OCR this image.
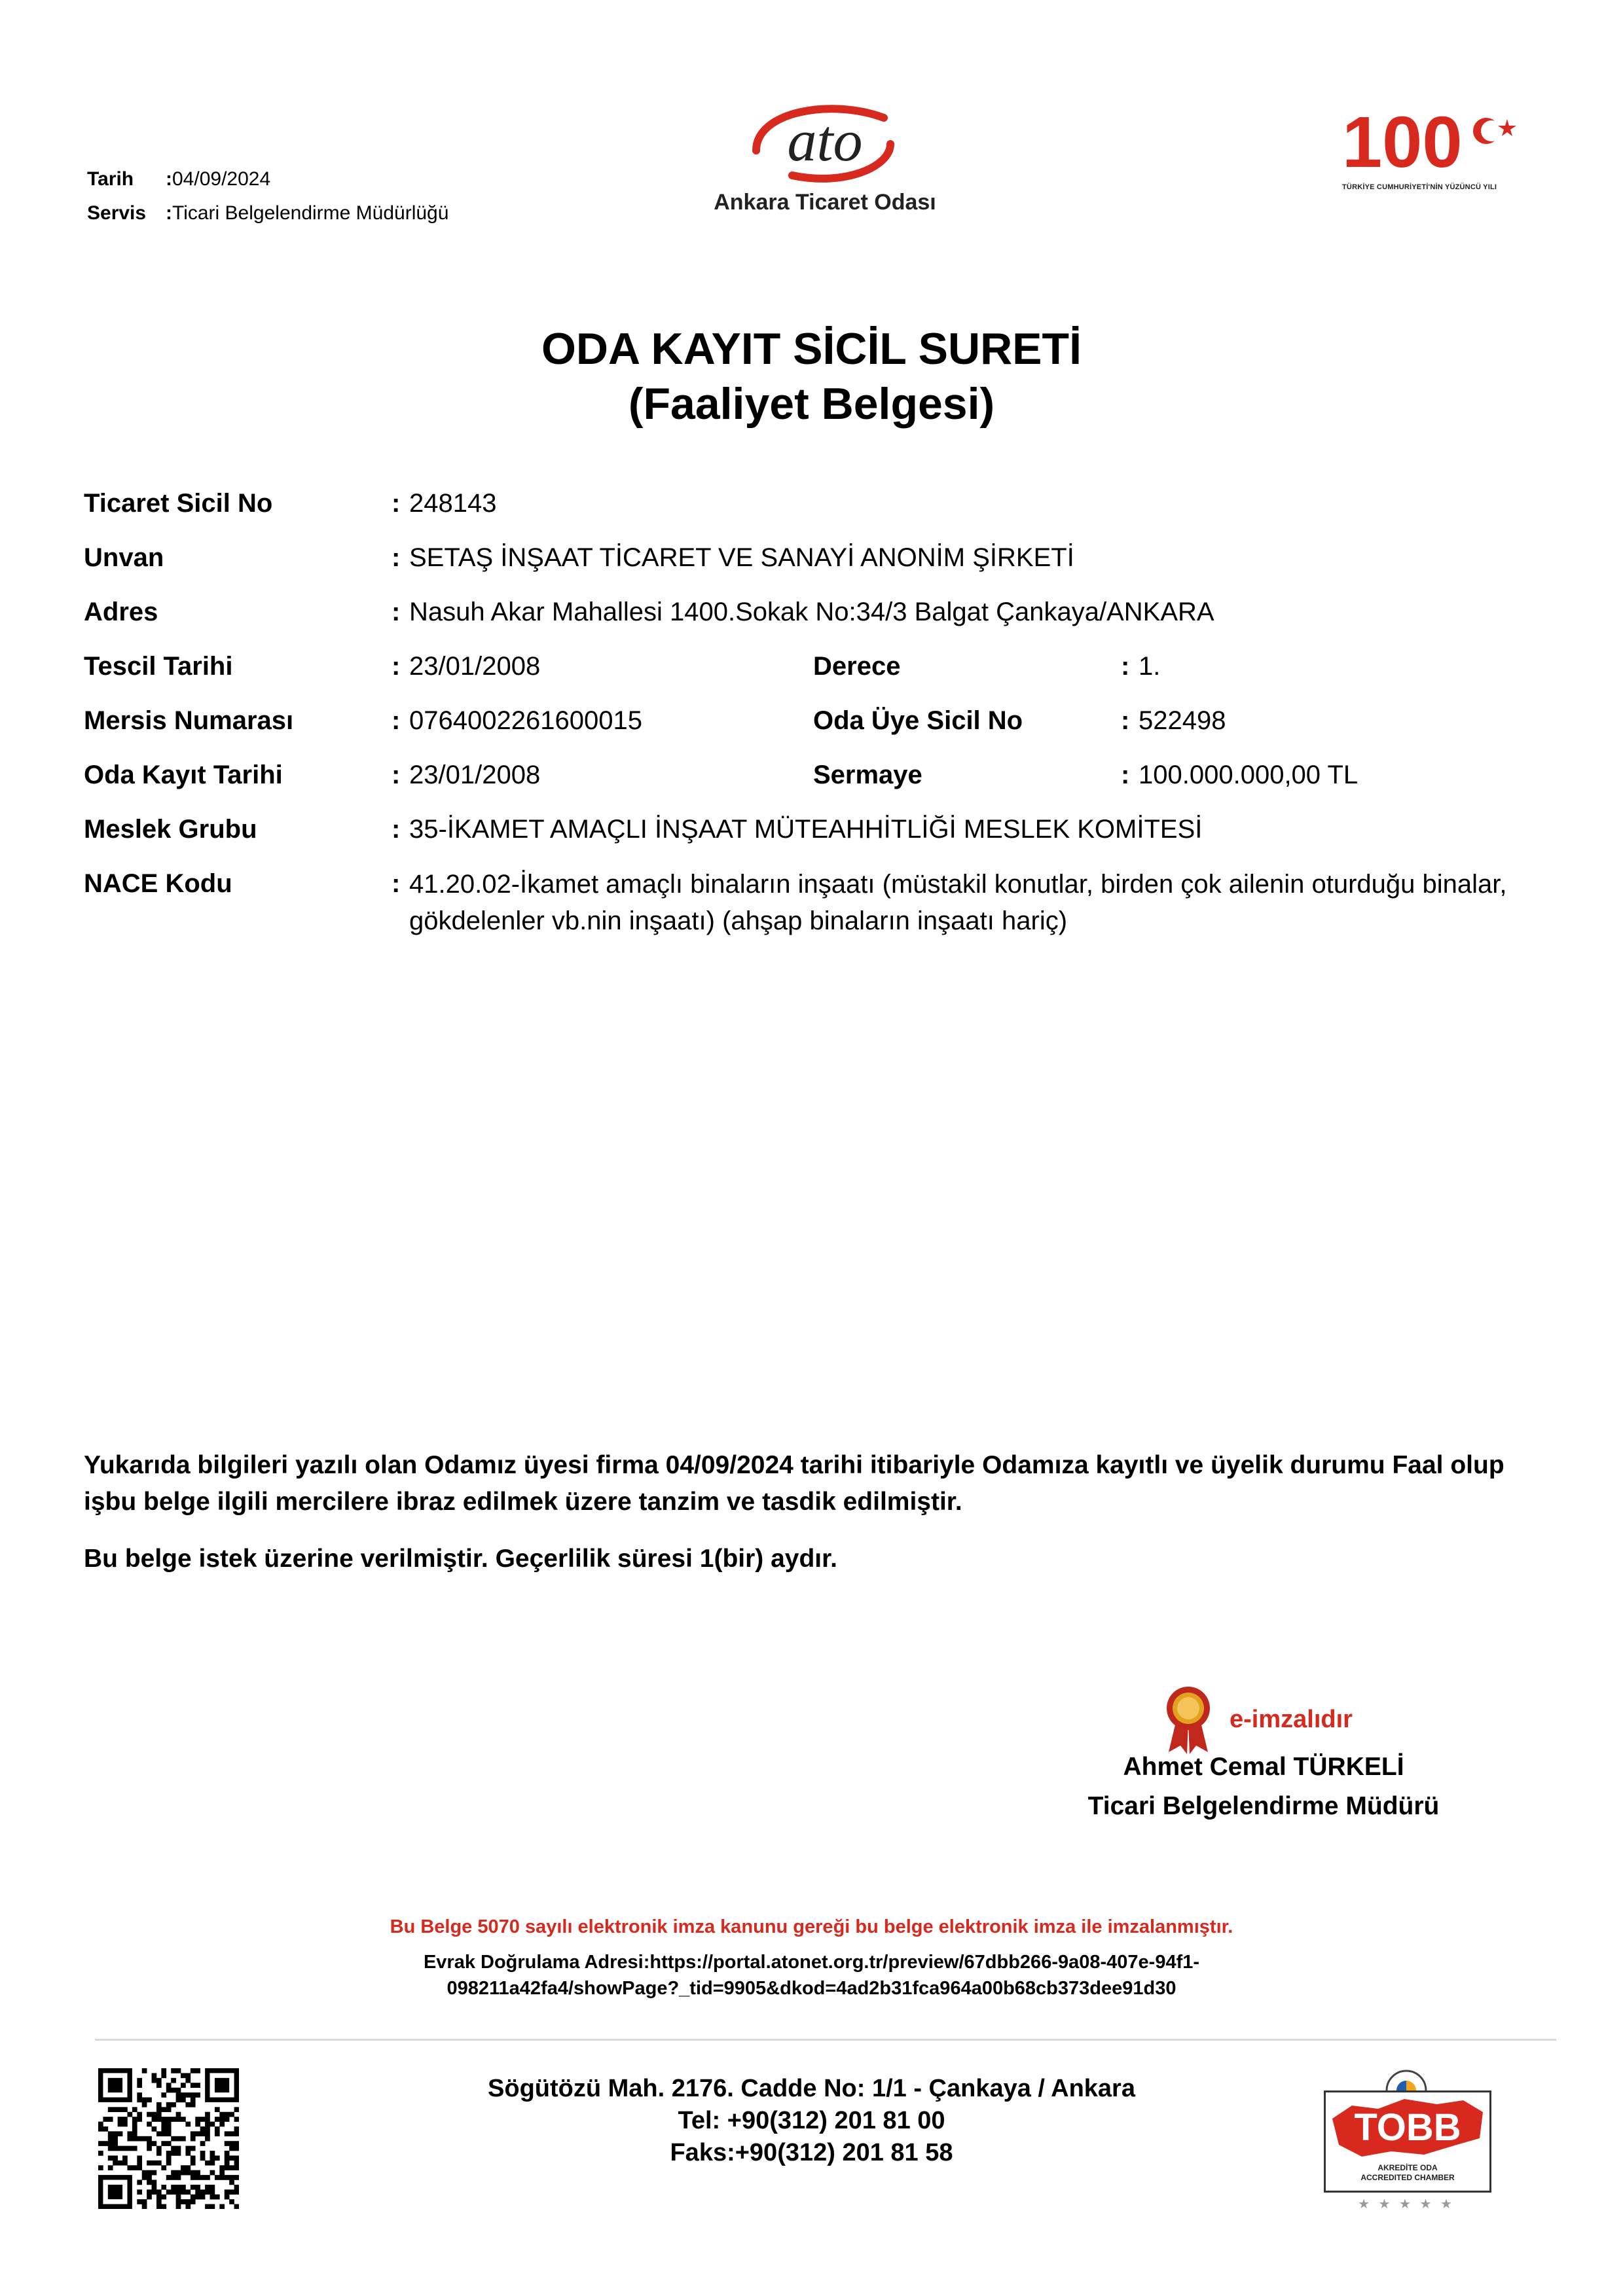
Tarih :04/09/2024
Servis :Ticari Belgelendirme Müdürlüğü
ato
Ankara Ticaret Odası
100
TÜRKİYE CUMHURİYETİ'NİN YÜZÜNCÜ YILI
ODA KAYIT SİCİL SURETİ
(Faaliyet Belgesi)
Ticaret Sicil No	: 248143
Unvan	: SETAŞ İNŞAAT TİCARET VE SANAYİ ANONİM ŞİRKETİ
Adres	: Nasuh Akar Mahallesi 1400.Sokak No:34/3 Balgat Çankaya/ANKARA
Tescil Tarihi	: 23/01/2008	Derece	: 1.
Mersis Numarası	: 0764002261600015	Oda Üye Sicil No	: 522498
Oda Kayıt Tarihi	: 23/01/2008	Sermaye	: 100.000.000,00 TL
Meslek Grubu	: 35-İKAMET AMAÇLI İNŞAAT MÜTEAHHİTLİĞİ MESLEK KOMİTESİ
NACE Kodu	: 41.20.02-İkamet amaçlı binaların inşaatı (müstakil konutlar, birden çok ailenin oturduğu binalar, gökdelenler vb.nin inşaatı) (ahşap binaların inşaatı hariç)
Yukarıda bilgileri yazılı olan Odamız üyesi firma 04/09/2024 tarihi itibariyle Odamıza kayıtlı ve üyelik durumu Faal olup işbu belge ilgili mercilere ibraz edilmek üzere tanzim ve tasdik edilmiştir.
Bu belge istek üzerine verilmiştir. Geçerlilik süresi 1(bir) aydır.
e-imzalıdır
Ahmet Cemal TÜRKELİ
Ticari Belgelendirme Müdürü
Bu Belge 5070 sayılı elektronik imza kanunu gereği bu belge elektronik imza ile imzalanmıştır.
Evrak Doğrulama Adresi:https://portal.atonet.org.tr/preview/67dbb266-9a08-407e-94f1-
098211a42fa4/showPage?_tid=9905&dkod=4ad2b31fca964a00b68cb373dee91d30
Sögütözü Mah. 2176. Cadde No: 1/1 - Çankaya / Ankara
Tel: +90(312) 201 81 00
Faks:+90(312) 201 81 58
TOBB
AKREDİTE ODA
ACCREDITED CHAMBER
★ ★ ★ ★ ★
